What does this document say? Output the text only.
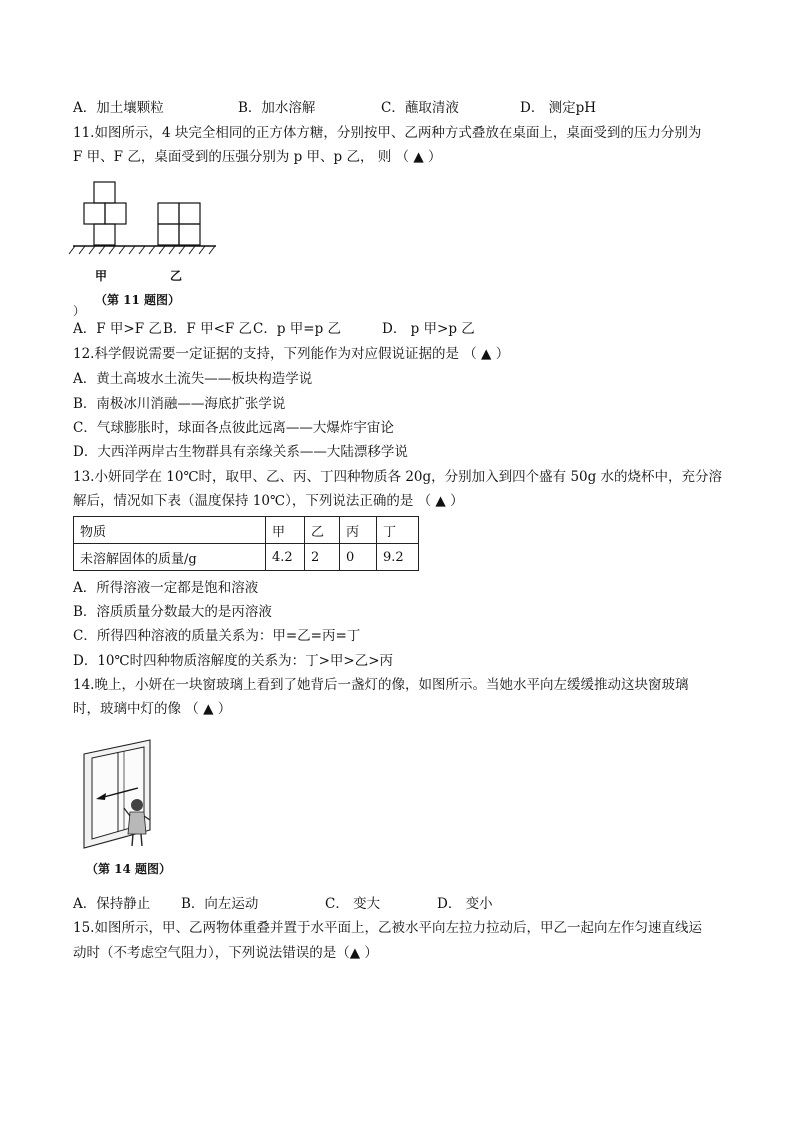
A．加土壤颗粒	B．加水溶解	C．蘸取清液	D． 测定pH
11.如图所示，4 块完全相同的正方体方糖，分别按甲、乙两种方式叠放在桌面上，桌面受到的压力分别为
F 甲、F 乙，桌面受到的压强分别为 p 甲、p 乙， 则 （ ▲ ）
甲	乙
（第 11 题图）
）
A．F 甲>F 乙 B．F 甲<F 乙 C．p 甲=p 乙	D． p 甲>p 乙
12.科学假说需要一定证据的支持，下列能作为对应假说证据的是 （ ▲ ）
A．黄土高坡水土流失——板块构造学说
B．南极冰川消融——海底扩张学说
C．气球膨胀时，球面各点彼此远离——大爆炸宇宙论
D．大西洋两岸古生物群具有亲缘关系——大陆漂移学说
13.小妍同学在 10℃时，取甲、乙、丙、丁四种物质各 20g，分别加入到四个盛有 50g 水的烧杯中，充分溶
解后，情况如下表（温度保持 10℃），下列说法正确的是 （ ▲ ）
物质	甲	乙	丙	丁
未溶解固体的质量/g	4.2	2	0	9.2
A．所得溶液一定都是饱和溶液
B．溶质质量分数最大的是丙溶液
C．所得四种溶液的质量关系为：甲=乙=丙=丁
D．10℃时四种物质溶解度的关系为：丁>甲>乙>丙
14.晚上，小妍在一块窗玻璃上看到了她背后一盏灯的像，如图所示。当她水平向左缓缓推动这块窗玻璃
时，玻璃中灯的像 （ ▲ ）
（第 14 题图）
A．保持静止 B．向左运动	C． 变大	D． 变小
15.如图所示，甲、乙两物体重叠并置于水平面上，乙被水平向左拉力拉动后，甲乙一起向左作匀速直线运
动时（不考虑空气阻力），下列说法错误的是（▲ ）
